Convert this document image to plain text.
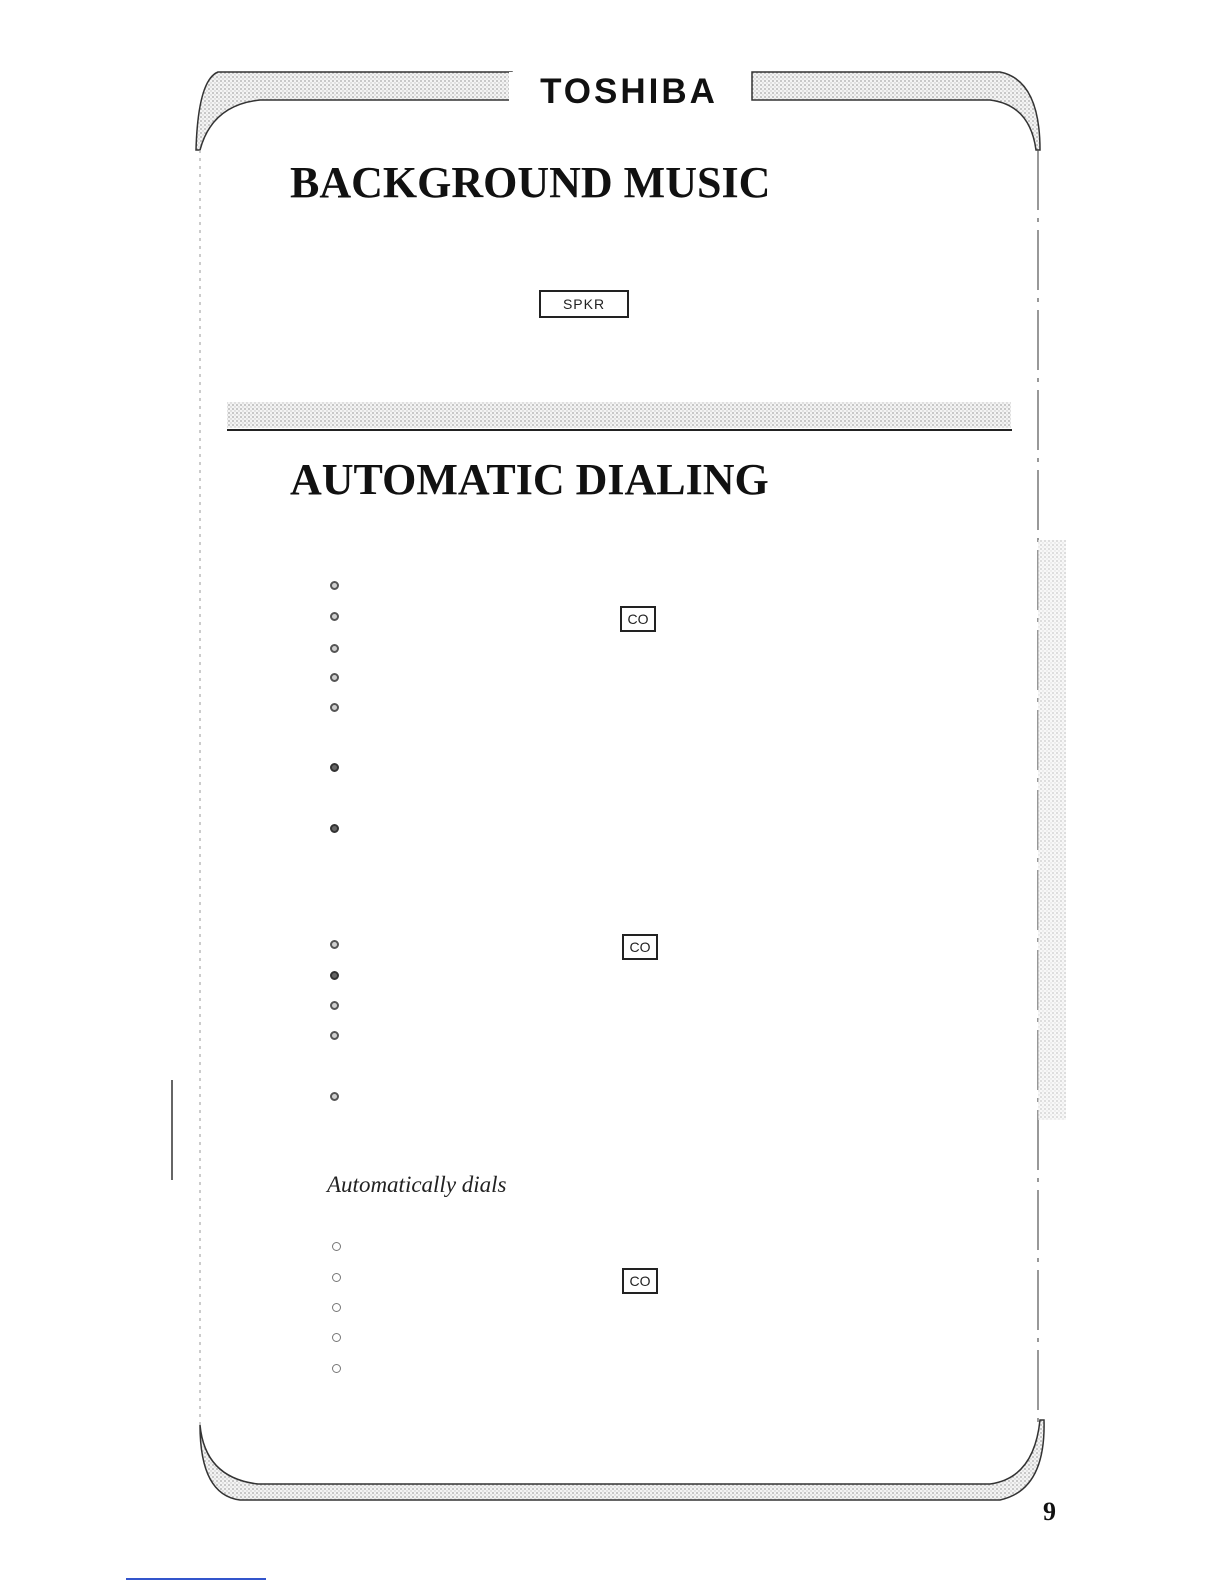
TOSHIBA
BACKGROUND MUSIC
SPKR
AUTOMATIC DIALING
CO
CO
Automatically dials
CO
9
